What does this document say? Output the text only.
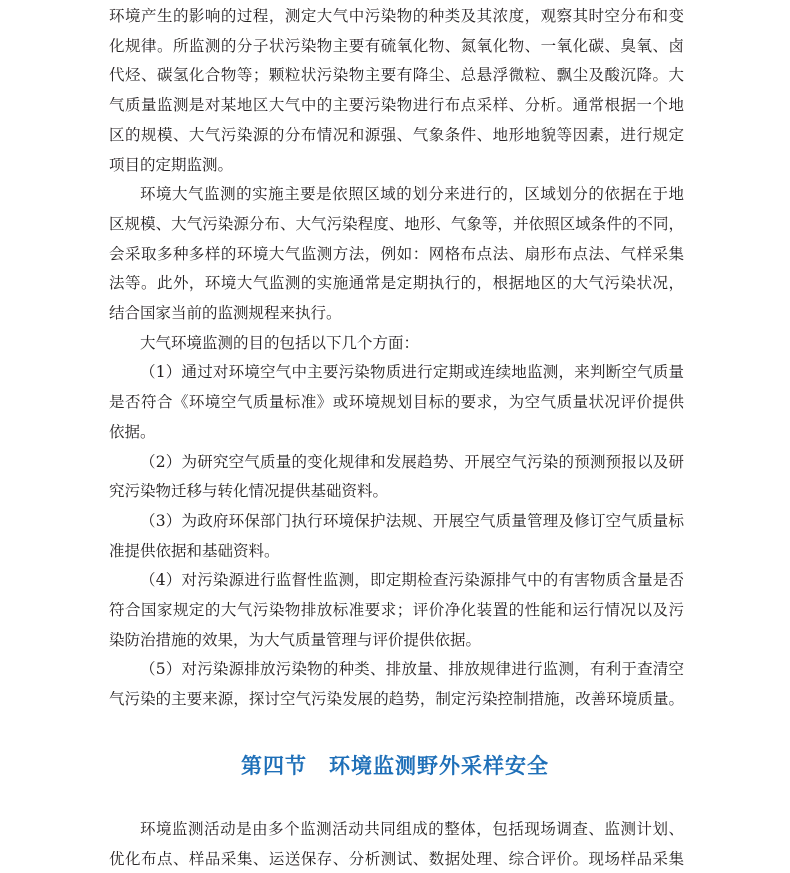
环境产生的影响的过程，测定大气中污染物的种类及其浓度，观察其时空分布和变
化规律。所监测的分子状污染物主要有硫氧化物、氮氧化物、一氧化碳、臭氧、卤
代烃、碳氢化合物等；颗粒状污染物主要有降尘、总悬浮微粒、飘尘及酸沉降。大
气质量监测是对某地区大气中的主要污染物进行布点采样、分析。通常根据一个地
区的规模、大气污染源的分布情况和源强、气象条件、地形地貌等因素，进行规定
项目的定期监测。
环境大气监测的实施主要是依照区域的划分来进行的，区域划分的依据在于地
区规模、大气污染源分布、大气污染程度、地形、气象等，并依照区域条件的不同，
会采取多种多样的环境大气监测方法，例如：网格布点法、扇形布点法、气样采集
法等。此外，环境大气监测的实施通常是定期执行的，根据地区的大气污染状况，
结合国家当前的监测规程来执行。
大气环境监测的目的包括以下几个方面：
（1）通过对环境空气中主要污染物质进行定期或连续地监测，来判断空气质量
是否符合《环境空气质量标准》或环境规划目标的要求，为空气质量状况评价提供
依据。
（2）为研究空气质量的变化规律和发展趋势、开展空气污染的预测预报以及研
究污染物迁移与转化情况提供基础资料。
（3）为政府环保部门执行环境保护法规、开展空气质量管理及修订空气质量标
准提供依据和基础资料。
（4）对污染源进行监督性监测，即定期检查污染源排气中的有害物质含量是否
符合国家规定的大气污染物排放标准要求；评价净化装置的性能和运行情况以及污
染防治措施的效果，为大气质量管理与评价提供依据。
（5）对污染源排放污染物的种类、排放量、排放规律进行监测，有利于查清空
气污染的主要来源，探讨空气污染发展的趋势，制定污染控制措施，改善环境质量。
第四节 环境监测野外采样安全
环境监测活动是由多个监测活动共同组成的整体，包括现场调查、监测计划、
优化布点、样品采集、运送保存、分析测试、数据处理、综合评价。现场样品采集
